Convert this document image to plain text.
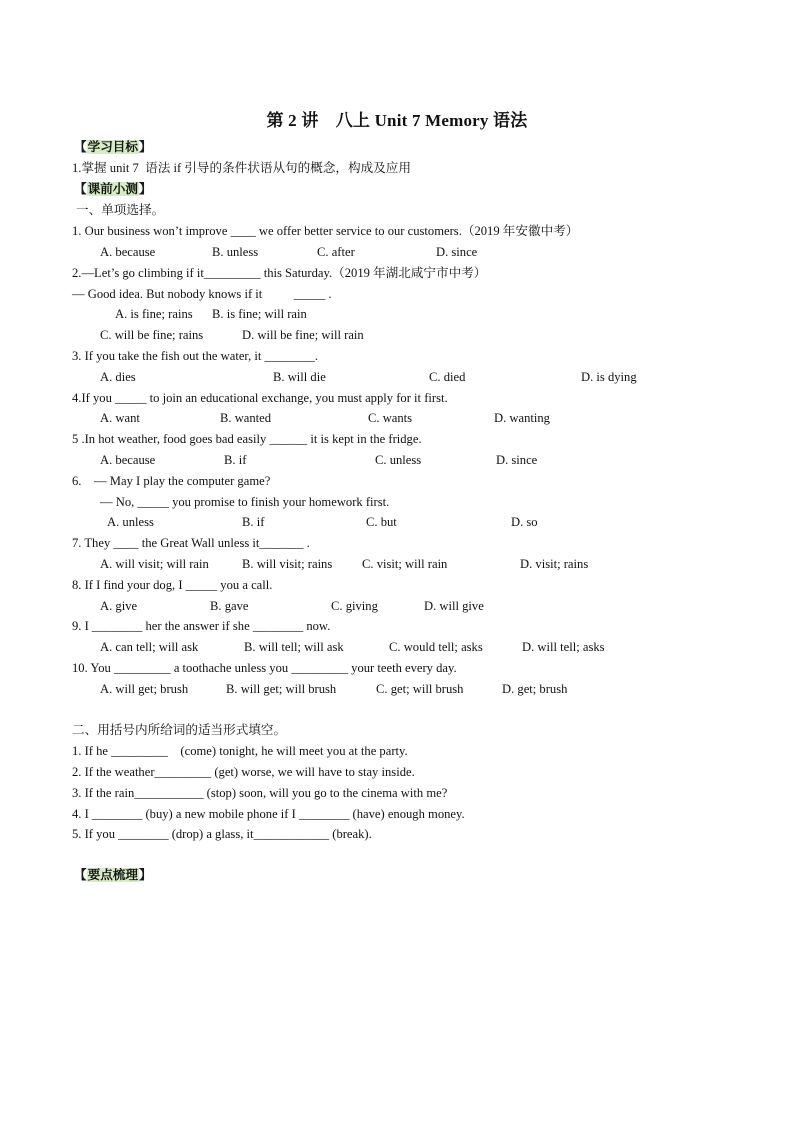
第 2 讲　八上 Unit 7 Memory 语法
【学习目标】
1.掌握 unit 7  语法 if 引导的条件状语从句的概念，构成及应用
【课前小测】
一、单项选择。
1. Our business won’t improve ____ we offer better service to our customers.（2019 年安徽中考）
A. because	B. unless	C. after	D. since
2.—Let’s go climbing if it_________ this Saturday.（2019 年湖北咸宁市中考）
— Good idea. But nobody knows if it          _____ .
A. is fine; rains B. is fine; will rain
C. will be fine; rains	D. will be fine; will rain
3. If you take the fish out the water, it ________.
A. dies	B. will die	C. died	D. is dying
4.If you _____ to join an educational exchange, you must apply for it first.
A. want	B. wanted	C. wants	D. wanting
5 .In hot weather, food goes bad easily ______ it is kept in the fridge.
A. because	B. if	C. unless	D. since
6.    — May I play the computer game?
— No, _____ you promise to finish your homework first.
A. unless	B. if	C. but	D. so
7. They ____ the Great Wall unless it_______ .
A. will visit; will rain	B. will visit; rains C. visit; will rain	D. visit; rains
8. If I find your dog, I _____ you a call.
A. give	B. gave	C. giving	D. will give
9. I ________ her the answer if she ________ now.
A. can tell; will ask	B. will tell; will ask	C. would tell; asks	D. will tell; asks
10. You _________ a toothache unless you _________ your teeth every day.
A. will get; brush	B. will get; will brush	C. get; will brush	D. get; brush
二、用括号内所给词的适当形式填空。
1. If he _________    (come) tonight, he will meet you at the party.
2. If the weather_________ (get) worse, we will have to stay inside.
3. If the rain___________ (stop) soon, will you go to the cinema with me?
4. I ________ (buy) a new mobile phone if I ________ (have) enough money.
5. If you ________ (drop) a glass, it____________ (break).
【要点梳理】
